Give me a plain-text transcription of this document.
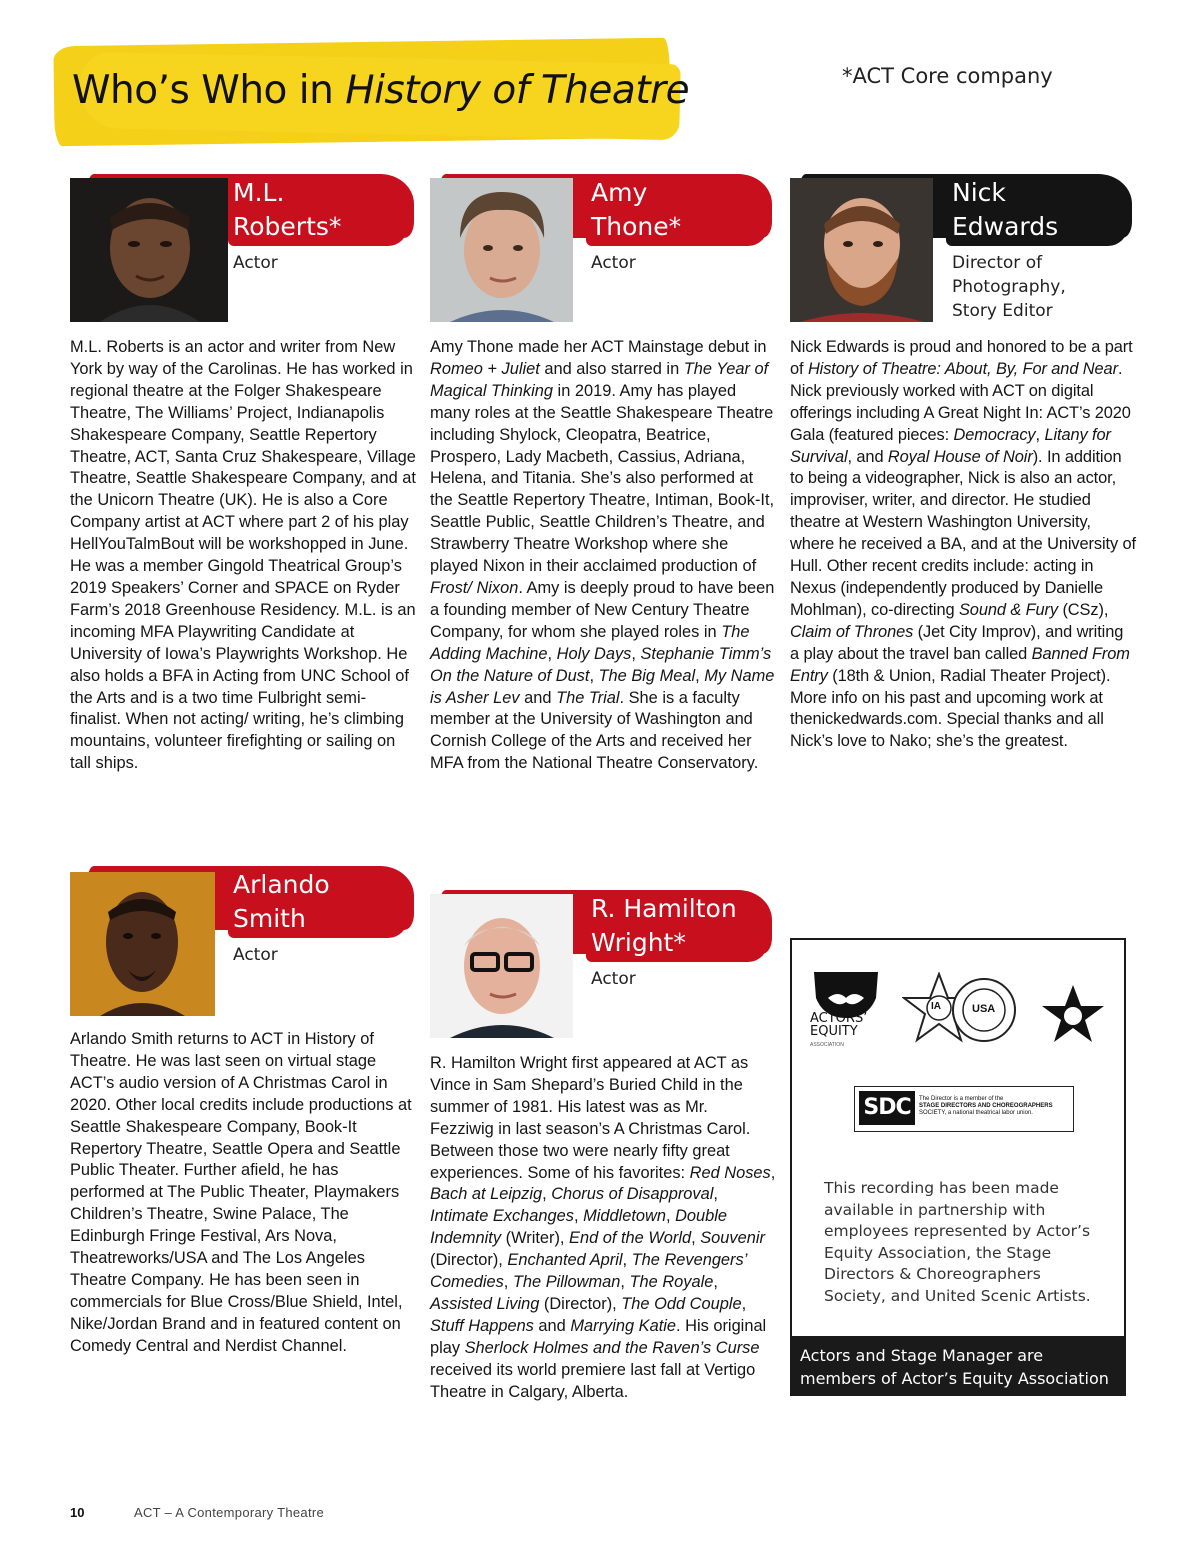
Who’s Who in History of Theatre	*ACT Core company

M.L.
Roberts*

Actor

M.L. Roberts is an actor and writer from New York by way of the Carolinas. He has worked in regional theatre at the Folger Shakespeare Theatre, The Williams’ Project, Indianapolis Shakespeare Company, Seattle Repertory Theatre, ACT, Santa Cruz Shakespeare, Village Theatre, Seattle Shakespeare Company, and at the Unicorn Theatre (UK). He is also a Core Company artist at ACT where part 2 of his play HellYouTalmBout will be workshopped in June. He was a member Gingold Theatrical Group’s 2019 Speakers’ Corner and SPACE on Ryder Farm’s 2018 Greenhouse Residency. M.L. is an incoming MFA Playwriting Candidate at University of Iowa’s Playwrights Workshop. He also holds a BFA in Acting from UNC School of the Arts and is a two time Fulbright semi-finalist. When not acting/ writing, he’s climbing mountains, volunteer firefighting or sailing on tall ships.

Amy
Thone*

Actor

Amy Thone made her ACT Mainstage debut in Romeo + Juliet and also starred in The Year of Magical Thinking in 2019. Amy has played many roles at the Seattle Shakespeare Theatre including Shylock, Cleopatra, Beatrice, Prospero, Lady Macbeth, Cassius, Adriana, Helena, and Titania. She’s also performed at the Seattle Repertory Theatre, Intiman, Book-It, Seattle Public, Seattle Children’s Theatre, and Strawberry Theatre Workshop where she played Nixon in their acclaimed production of Frost/ Nixon. Amy is deeply proud to have been a founding member of New Century Theatre Company, for whom she played roles in The Adding Machine, Holy Days, Stephanie Timm’s On the Nature of Dust, The Big Meal, My Name is Asher Lev and The Trial. She is a faculty member at the University of Washington and Cornish College of the Arts and received her MFA from the National Theatre Conservatory.

Nick
Edwards

Director of
Photography,
Story Editor

Nick Edwards is proud and honored to be a part of History of Theatre: About, By, For and Near. Nick previously worked with ACT on digital offerings including A Great Night In: ACT’s 2020 Gala (featured pieces: Democracy, Litany for Survival, and Royal House of Noir). In addition to being a videographer, Nick is also an actor, improviser, writer, and director. He studied theatre at Western Washington University, where he received a BA, and at the University of Hull. Other recent credits include: acting in Nexus (independently produced by Danielle Mohlman), co-directing Sound & Fury (CSz), Claim of Thrones (Jet City Improv), and writing a play about the travel ban called Banned From Entry (18th & Union, Radial Theater Project). More info on his past and upcoming work at thenickedwards.com. Special thanks and all Nick’s love to Nako; she’s the greatest.

Arlando
Smith

Actor

Arlando Smith returns to ACT in History of Theatre. He was last seen on virtual stage ACT’s audio version of A Christmas Carol in 2020. Other local credits include productions at Seattle Shakespeare Company, Book-It Repertory Theatre, Seattle Opera and Seattle Public Theater. Further afield, he has performed at The Public Theater, Playmakers Children’s Theatre, Swine Palace, The Edinburgh Fringe Festival, Ars Nova, Theatreworks/USA and The Los Angeles Theatre Company. He has been seen in commercials for Blue Cross/Blue Shield, Intel, Nike/Jordan Brand and in featured content on Comedy Central and Nerdist Channel.

R. Hamilton
Wright*

Actor

R. Hamilton Wright first appeared at ACT as Vince in Sam Shepard’s Buried Child in the summer of 1981. His latest was as Mr. Fezziwig in last season’s A Christmas Carol. Between those two were nearly fifty great experiences. Some of his favorites: Red Noses, Bach at Leipzig, Chorus of Disapproval, Intimate Exchanges, Middletown, Double Indemnity (Writer), End of the World, Souvenir (Director), Enchanted April, The Revengers’ Comedies, The Pillowman, The Royale, Assisted Living (Director), The Odd Couple, Stuff Happens and Marrying Katie. His original play Sherlock Holmes and the Raven’s Curse received its world premiere last fall at Vertigo Theatre in Calgary, Alberta.

ACTORS’
EQUITY
ASSOCIATION
IA	USA
SDC	The Director is a member of the
STAGE DIRECTORS AND CHOREOGRAPHERS
SOCIETY, a national theatrical labor union.

This recording has been made available in partnership with employees represented by Actor’s Equity Association, the Stage Directors & Choreographers Society, and United Scenic Artists.

Actors and Stage Manager are members of Actor’s Equity Association
10	ACT – A Contemporary Theatre
